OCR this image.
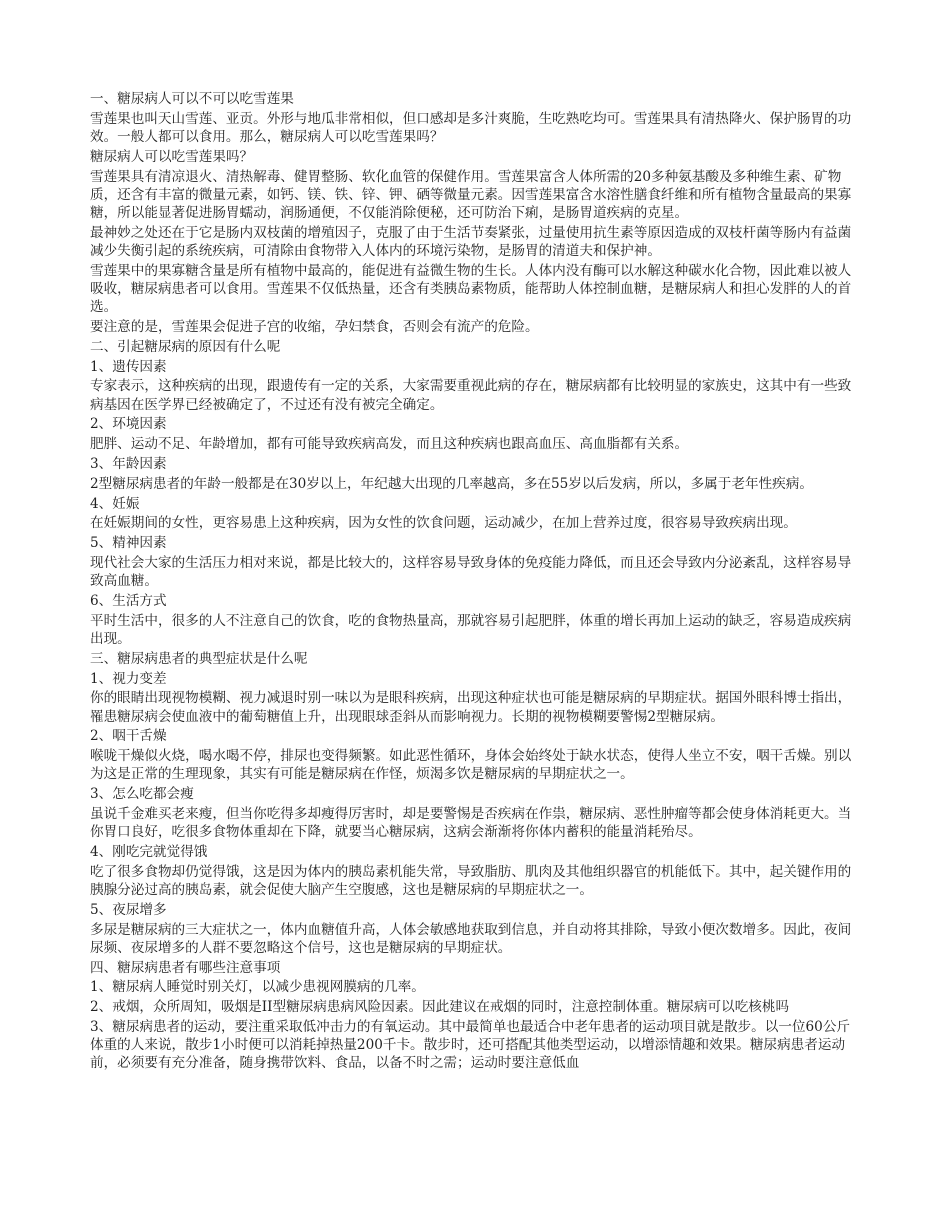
一、糖尿病人可以不可以吃雪莲果

雪莲果也叫天山雪莲、亚贡。外形与地瓜非常相似，但口感却是多汁爽脆，生吃熟吃均可。雪莲果具有清热降火、保护肠胃的功效。一般人都可以食用。那么，糖尿病人可以吃雪莲果吗？

糖尿病人可以吃雪莲果吗？

雪莲果具有清凉退火、清热解毒、健胃整肠、软化血管的保健作用。雪莲果富含人体所需的20多种氨基酸及多种维生素、矿物质，还含有丰富的微量元素，如钙、镁、铁、锌、钾、硒等微量元素。因雪莲果富含水溶性膳食纤维和所有植物含量最高的果寡糖，所以能显著促进肠胃蠕动，润肠通便，不仅能消除便秘，还可防治下痢，是肠胃道疾病的克星。

最神妙之处还在于它是肠内双枝菌的增殖因子，克服了由于生活节奏紧张，过量使用抗生素等原因造成的双枝杆菌等肠内有益菌减少失衡引起的系统疾病，可清除由食物带入人体内的环境污染物，是肠胃的清道夫和保护神。

雪莲果中的果寡糖含量是所有植物中最高的，能促进有益微生物的生长。人体内没有酶可以水解这种碳水化合物，因此难以被人吸收，糖尿病患者可以食用。雪莲果不仅低热量，还含有类胰岛素物质，能帮助人体控制血糖，是糖尿病人和担心发胖的人的首选。

要注意的是，雪莲果会促进子宫的收缩，孕妇禁食，否则会有流产的危险。

二、引起糖尿病的原因有什么呢

1、遗传因素

专家表示，这种疾病的出现，跟遗传有一定的关系，大家需要重视此病的存在，糖尿病都有比较明显的家族史，这其中有一些致病基因在医学界已经被确定了，不过还有没有被完全确定。

2、环境因素

肥胖、运动不足、年龄增加，都有可能导致疾病高发，而且这种疾病也跟高血压、高血脂都有关系。

3、年龄因素

2型糖尿病患者的年龄一般都是在30岁以上，年纪越大出现的几率越高，多在55岁以后发病，所以，多属于老年性疾病。

4、妊娠

在妊娠期间的女性，更容易患上这种疾病，因为女性的饮食问题，运动减少，在加上营养过度，很容易导致疾病出现。

5、精神因素

现代社会大家的生活压力相对来说，都是比较大的，这样容易导致身体的免疫能力降低，而且还会导致内分泌紊乱，这样容易导致高血糖。

6、生活方式

平时生活中，很多的人不注意自己的饮食，吃的食物热量高，那就容易引起肥胖，体重的增长再加上运动的缺乏，容易造成疾病出现。

三、糖尿病患者的典型症状是什么呢

1、视力变差

你的眼睛出现视物模糊、视力减退时别一味以为是眼科疾病，出现这种症状也可能是糖尿病的早期症状。据国外眼科博士指出，罹患糖尿病会使血液中的葡萄糖值上升，出现眼球歪斜从而影响视力。长期的视物模糊要警惕2型糖尿病。

2、咽干舌燥

喉咙干燥似火烧，喝水喝不停，排尿也变得频繁。如此恶性循环，身体会始终处于缺水状态，使得人坐立不安，咽干舌燥。别以为这是正常的生理现象，其实有可能是糖尿病在作怪，烦渴多饮是糖尿病的早期症状之一。

3、怎么吃都会瘦

虽说千金难买老来瘦，但当你吃得多却瘦得厉害时，却是要警惕是否疾病在作祟，糖尿病、恶性肿瘤等都会使身体消耗更大。当你胃口良好，吃很多食物体重却在下降，就要当心糖尿病，这病会渐渐将你体内蓄积的能量消耗殆尽。

4、刚吃完就觉得饿

吃了很多食物却仍觉得饿，这是因为体内的胰岛素机能失常，导致脂肪、肌肉及其他组织器官的机能低下。其中，起关键作用的胰腺分泌过高的胰岛素，就会促使大脑产生空腹感，这也是糖尿病的早期症状之一。

5、夜尿增多

多尿是糖尿病的三大症状之一，体内血糖值升高，人体会敏感地获取到信息，并自动将其排除，导致小便次数增多。因此，夜间尿频、夜尿增多的人群不要忽略这个信号，这也是糖尿病的早期症状。

四、糖尿病患者有哪些注意事项

1、糖尿病人睡觉时别关灯，以减少患视网膜病的几率。

2、戒烟，众所周知，吸烟是II型糖尿病患病风险因素。因此建议在戒烟的同时，注意控制体重。糖尿病可以吃核桃吗

3、糖尿病患者的运动，要注重采取低冲击力的有氧运动。其中最简单也最适合中老年患者的运动项目就是散步。以一位60公斤体重的人来说，散步1小时便可以消耗掉热量200千卡。散步时，还可搭配其他类型运动，以增添情趣和效果。糖尿病患者运动前，必须要有充分准备，随身携带饮料、食品，以备不时之需；运动时要注意低血
